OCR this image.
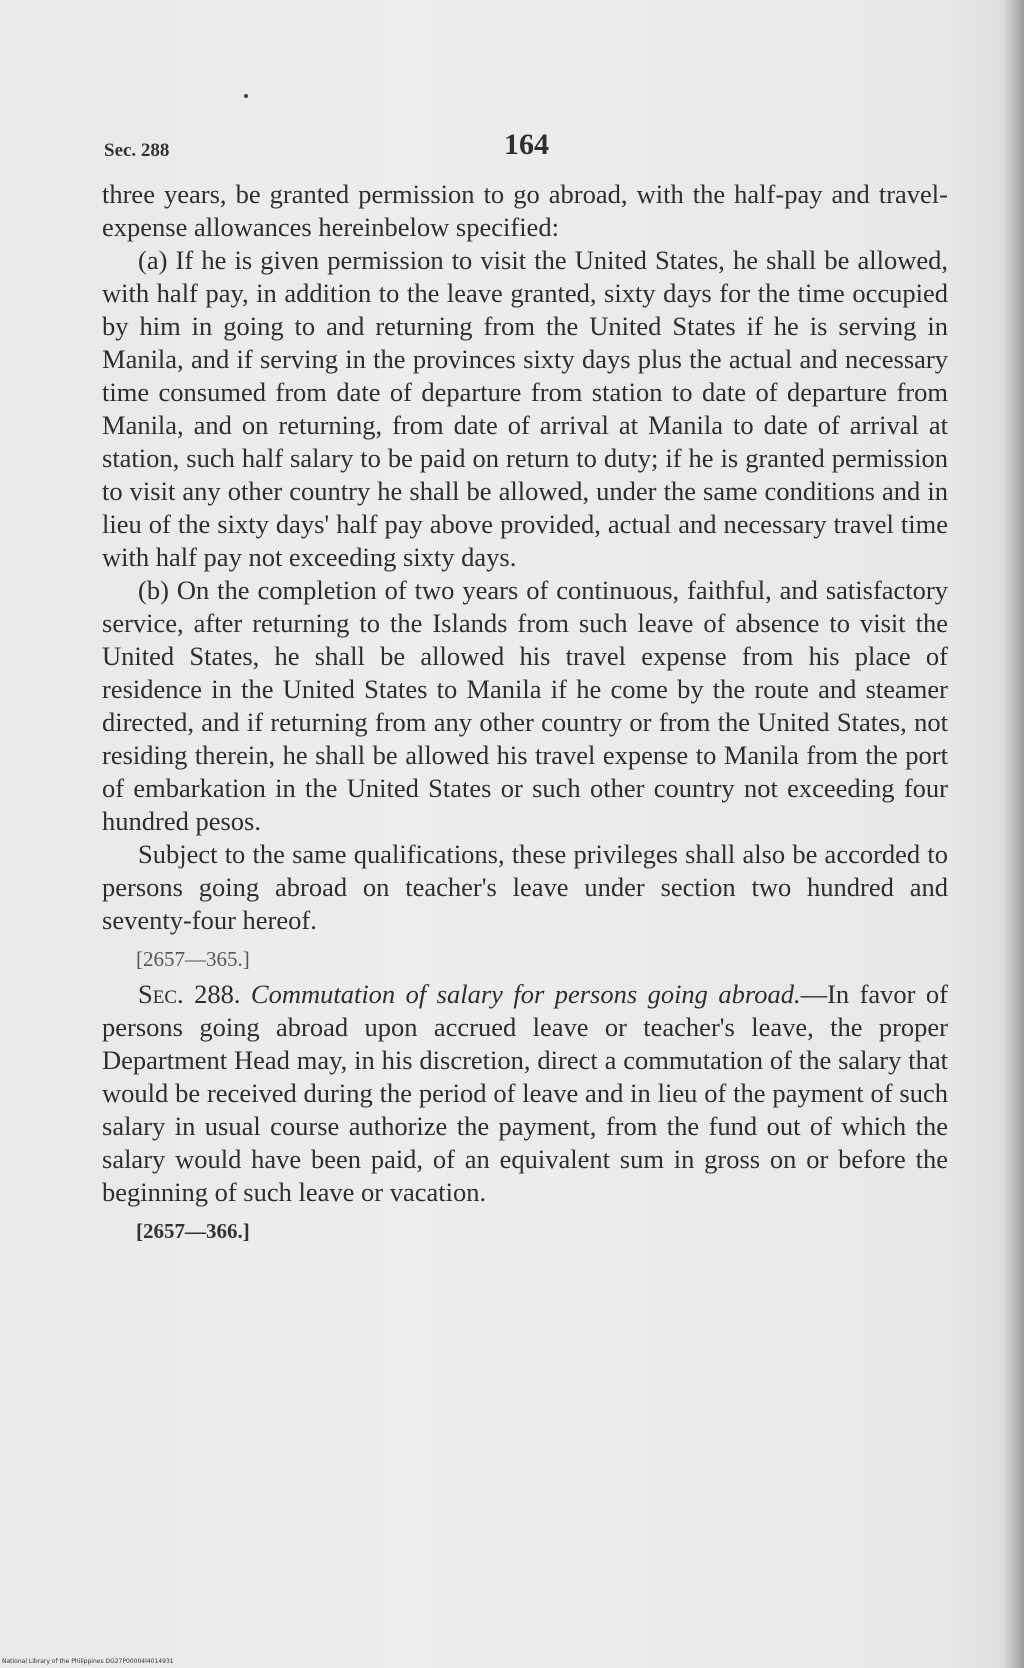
Sec. 288	164

three years, be granted permission to go abroad, with the half-pay and travel-expense allowances hereinbelow specified:

(a) If he is given permission to visit the United States, he shall be allowed, with half pay, in addition to the leave granted, sixty days for the time occupied by him in going to and returning from the United States if he is serving in Manila, and if serving in the provinces sixty days plus the actual and necessary time consumed from date of departure from station to date of departure from Manila, and on returning, from date of arrival at Manila to date of arrival at station, such half salary to be paid on return to duty; if he is granted permission to visit any other country he shall be allowed, under the same conditions and in lieu of the sixty days' half pay above provided, actual and necessary travel time with half pay not exceeding sixty days.

(b) On the completion of two years of continuous, faithful, and satisfactory service, after returning to the Islands from such leave of absence to visit the United States, he shall be allowed his travel expense from his place of residence in the United States to Manila if he come by the route and steamer directed, and if returning from any other country or from the United States, not residing therein, he shall be allowed his travel expense to Manila from the port of embarkation in the United States or such other country not exceeding four hundred pesos.

Subject to the same qualifications, these privileges shall also be accorded to persons going abroad on teacher's leave under section two hundred and seventy-four hereof.

[2657—365.]

Sec. 288. Commutation of salary for persons going abroad.—In favor of persons going abroad upon accrued leave or teacher's leave, the proper Department Head may, in his discretion, direct a commutation of the salary that would be received during the period of leave and in lieu of the payment of such salary in usual course authorize the payment, from the fund out of which the salary would have been paid, of an equivalent sum in gross on or before the beginning of such leave or vacation.

[2657—366.]

National Library of the Philippines DG27P00004I4014931
